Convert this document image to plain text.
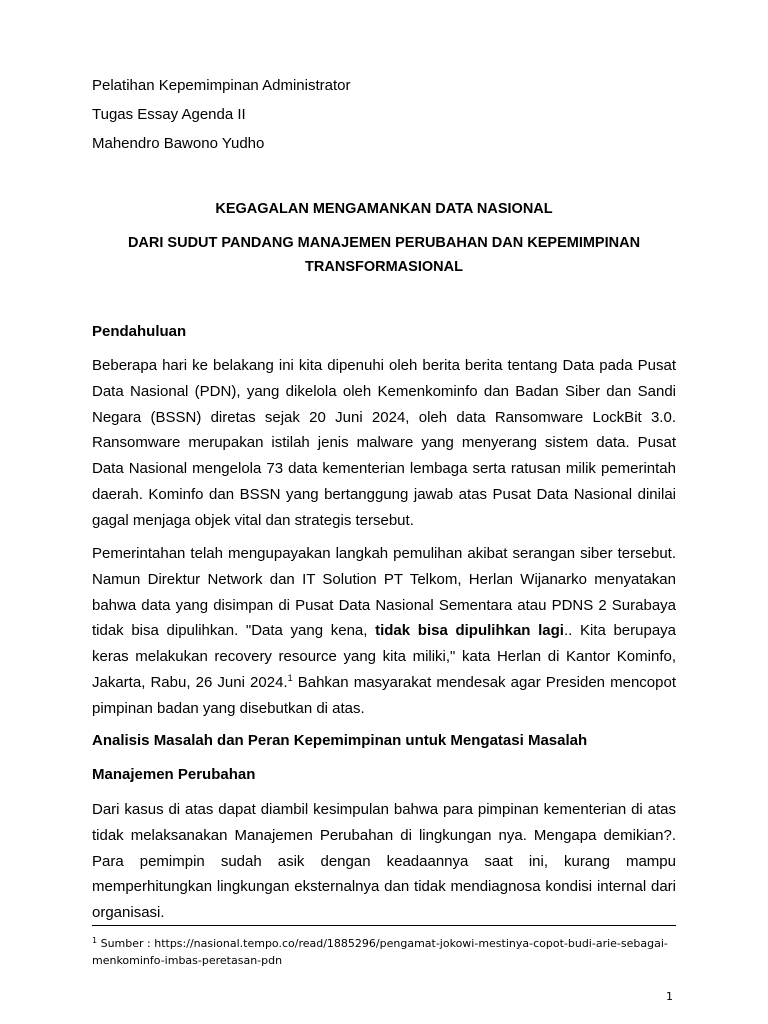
Pelatihan Kepemimpinan Administrator
Tugas Essay Agenda II
Mahendro Bawono Yudho
KEGAGALAN MENGAMANKAN DATA NASIONAL
DARI SUDUT PANDANG MANAJEMEN PERUBAHAN DAN KEPEMIMPINAN
TRANSFORMASIONAL
Pendahuluan

Beberapa hari ke belakang ini kita dipenuhi oleh berita berita tentang Data pada Pusat Data Nasional (PDN), yang dikelola oleh Kemenkominfo dan Badan Siber dan Sandi Negara (BSSN) diretas sejak 20 Juni 2024, oleh data Ransomware LockBit 3.0. Ransomware merupakan istilah jenis malware yang menyerang sistem data. Pusat Data Nasional mengelola 73 data kementerian lembaga serta ratusan milik pemerintah daerah. Kominfo dan BSSN yang bertanggung jawab atas Pusat Data Nasional dinilai gagal menjaga objek vital dan strategis tersebut.

Pemerintahan telah mengupayakan langkah pemulihan akibat serangan siber tersebut. Namun Direktur Network dan IT Solution PT Telkom, Herlan Wijanarko menyatakan bahwa data yang disimpan di Pusat Data Nasional Sementara atau PDNS 2 Surabaya tidak bisa dipulihkan. "Data yang kena, tidak bisa dipulihkan lagi.. Kita berupaya keras melakukan recovery resource yang kita miliki," kata Herlan di Kantor Kominfo, Jakarta, Rabu, 26 Juni 2024.$^1$ Bahkan masyarakat mendesak agar Presiden mencopot pimpinan badan yang disebutkan di atas.

Analisis Masalah dan Peran Kepemimpinan untuk Mengatasi Masalah
Manajemen Perubahan

Dari kasus di atas dapat diambil kesimpulan bahwa para pimpinan kementerian di atas tidak melaksanakan Manajemen Perubahan di lingkungan nya. Mengapa demikian?. Para pemimpin sudah asik dengan keadaannya saat ini, kurang mampu memperhitungkan lingkungan eksternalnya dan tidak mendiagnosa kondisi internal dari organisasi.

$^1$ Sumber : https://nasional.tempo.co/read/1885296/pengamat-jokowi-mestinya-copot-budi-arie-sebagai-menkominfo-imbas-peretasan-pdn

1
